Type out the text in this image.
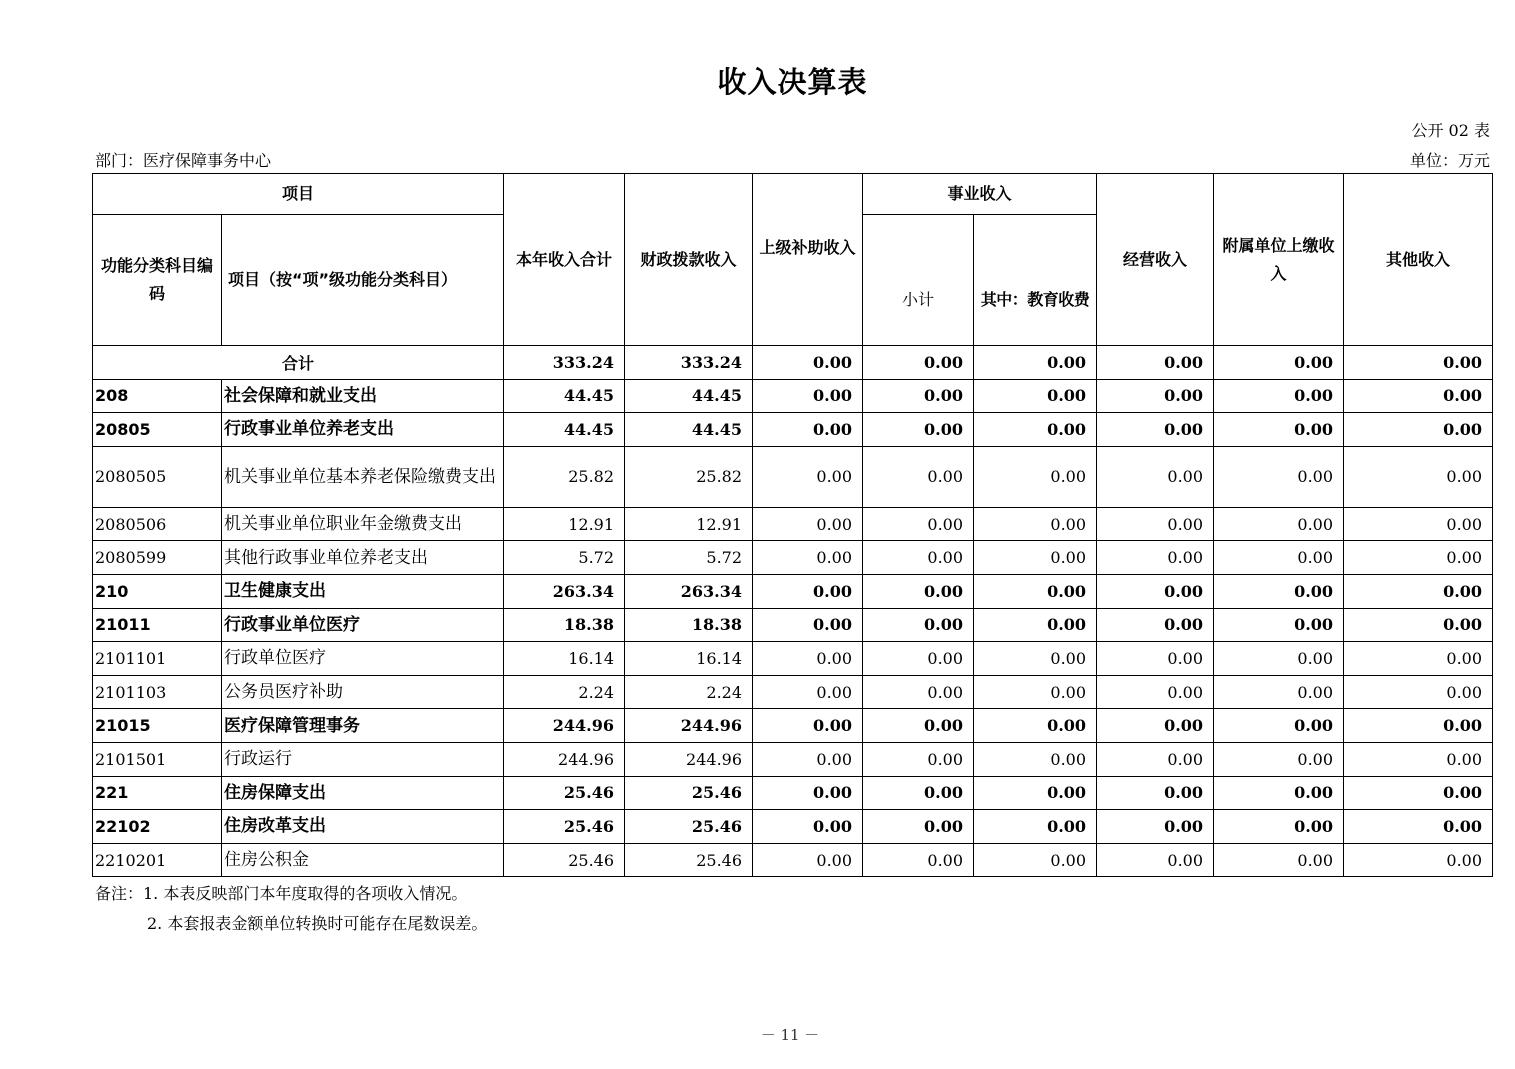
收入决算表
公开 02 表
部门：医疗保障事务中心	单位：万元
项目		本年收入合计	财政拨款收入	上级补助收入	事业收入		经营收入	附属单位上缴收入	其他收入
功能分类科目编码	项目（按“项”级功能分类科目）				小计	其中：教育收费			
合计		333.24	333.24	0.00	0.00	0.00	0.00	0.00	0.00
208	社会保障和就业支出	44.45	44.45	0.00	0.00	0.00	0.00	0.00	0.00
20805	行政事业单位养老支出	44.45	44.45	0.00	0.00	0.00	0.00	0.00	0.00
2080505	机关事业单位基本养老保险缴费支出	25.82	25.82	0.00	0.00	0.00	0.00	0.00	0.00
2080506	机关事业单位职业年金缴费支出	12.91	12.91	0.00	0.00	0.00	0.00	0.00	0.00
2080599	其他行政事业单位养老支出	5.72	5.72	0.00	0.00	0.00	0.00	0.00	0.00
210	卫生健康支出	263.34	263.34	0.00	0.00	0.00	0.00	0.00	0.00
21011	行政事业单位医疗	18.38	18.38	0.00	0.00	0.00	0.00	0.00	0.00
2101101	行政单位医疗	16.14	16.14	0.00	0.00	0.00	0.00	0.00	0.00
2101103	公务员医疗补助	2.24	2.24	0.00	0.00	0.00	0.00	0.00	0.00
21015	医疗保障管理事务	244.96	244.96	0.00	0.00	0.00	0.00	0.00	0.00
2101501	行政运行	244.96	244.96	0.00	0.00	0.00	0.00	0.00	0.00
221	住房保障支出	25.46	25.46	0.00	0.00	0.00	0.00	0.00	0.00
22102	住房改革支出	25.46	25.46	0.00	0.00	0.00	0.00	0.00	0.00
2210201	住房公积金	25.46	25.46	0.00	0.00	0.00	0.00	0.00	0.00
备注：1. 本表反映部门本年度取得的各项收入情况。
2. 本套报表金额单位转换时可能存在尾数误差。
－ 11 －
